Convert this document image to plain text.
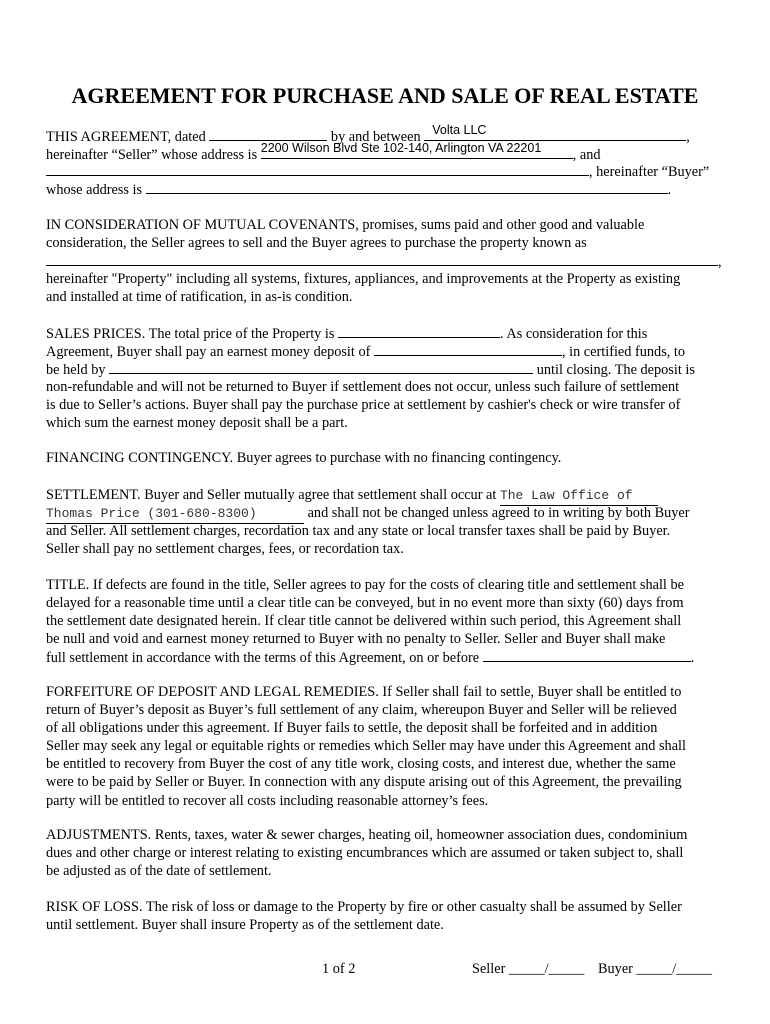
AGREEMENT FOR PURCHASE AND SALE OF REAL ESTATE
THIS AGREEMENT, dated	by and between Volta LLC	,
hereinafter “Seller” whose address is 2200 Wilson Blvd Ste 102-140, Arlington VA 22201 , and
, hereinafter “Buyer”
whose address is	.
IN CONSIDERATION OF MUTUAL COVENANTS, promises, sums paid and other good and valuable
consideration, the Seller agrees to sell and the Buyer agrees to purchase the property known as
,
hereinafter "Property" including all systems, fixtures, appliances, and improvements at the Property as existing
and installed at time of ratification, in as-is condition.
SALES PRICES. The total price of the Property is	. As consideration for this
Agreement, Buyer shall pay an earnest money deposit of	, in certified funds, to
be held by	until closing. The deposit is
non-refundable and will not be returned to Buyer if settlement does not occur, unless such failure of settlement
is due to Seller’s actions. Buyer shall pay the purchase price at settlement by cashier's check or wire transfer of
which sum the earnest money deposit shall be a part.
FINANCING CONTINGENCY. Buyer agrees to purchase with no financing contingency.
SETTLEMENT. Buyer and Seller mutually agree that settlement shall occur at The Law Office of
Thomas Price (301-680-8300)	and shall not be changed unless agreed to in writing by both Buyer
and Seller. All settlement charges, recordation tax and any state or local transfer taxes shall be paid by Buyer.
Seller shall pay no settlement charges, fees, or recordation tax.
TITLE. If defects are found in the title, Seller agrees to pay for the costs of clearing title and settlement shall be
delayed for a reasonable time until a clear title can be conveyed, but in no event more than sixty (60) days from
the settlement date designated herein. If clear title cannot be delivered within such period, this Agreement shall
be null and void and earnest money returned to Buyer with no penalty to Seller. Seller and Buyer shall make
full settlement in accordance with the terms of this Agreement, on or before	.
FORFEITURE OF DEPOSIT AND LEGAL REMEDIES. If Seller shall fail to settle, Buyer shall be entitled to
return of Buyer’s deposit as Buyer’s full settlement of any claim, whereupon Buyer and Seller will be relieved
of all obligations under this agreement. If Buyer fails to settle, the deposit shall be forfeited and in addition
Seller may seek any legal or equitable rights or remedies which Seller may have under this Agreement and shall
be entitled to recovery from Buyer the cost of any title work, closing costs, and interest due, whether the same
were to be paid by Seller or Buyer. In connection with any dispute arising out of this Agreement, the prevailing
party will be entitled to recover all costs including reasonable attorney’s fees.
ADJUSTMENTS. Rents, taxes, water & sewer charges, heating oil, homeowner association dues, condominium
dues and other charge or interest relating to existing encumbrances which are assumed or taken subject to, shall
be adjusted as of the date of settlement.
RISK OF LOSS. The risk of loss or damage to the Property by fire or other casualty shall be assumed by Seller
until settlement. Buyer shall insure Property as of the settlement date.
1 of 2	Seller _____/_____ Buyer _____/_____
